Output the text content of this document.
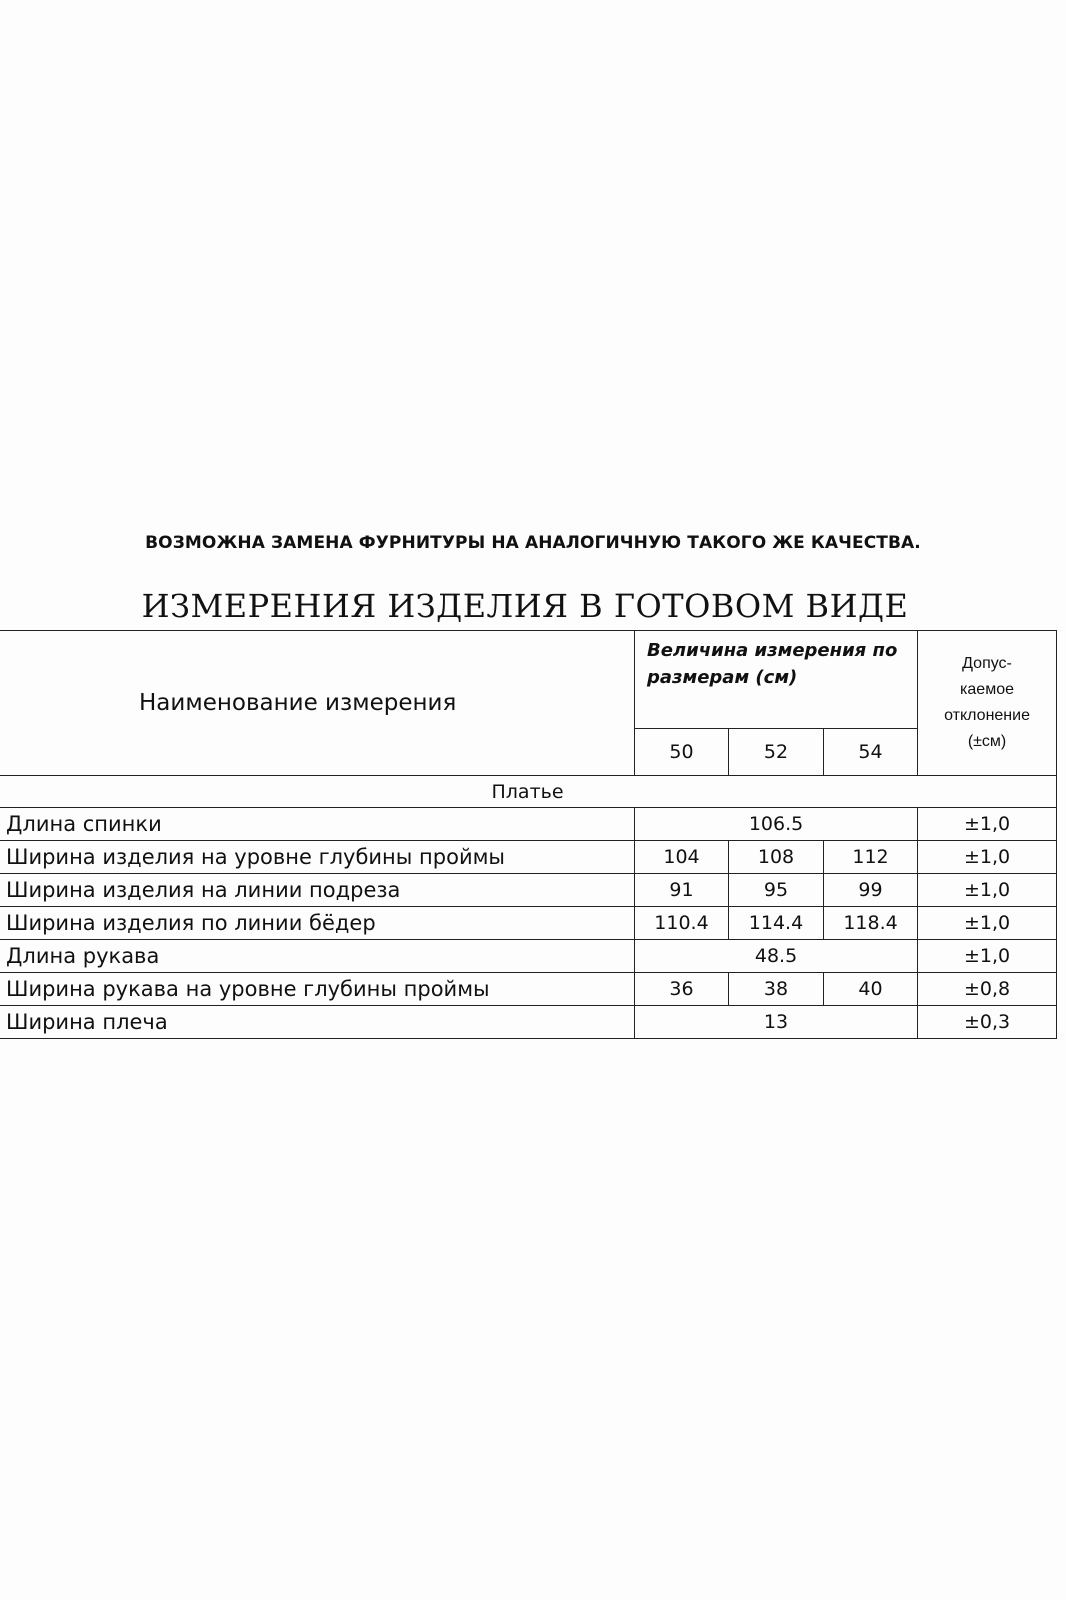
ВОЗМОЖНА ЗАМЕНА ФУРНИТУРЫ НА АНАЛОГИЧНУЮ ТАКОГО ЖЕ КАЧЕСТВА.

ИЗМЕРЕНИЯ ИЗДЕЛИЯ В ГОТОВОМ ВИДЕ
Наименование измерения	Величина измерения по размерам (см)			Допус-
каемое
отклонение
(±см)
	50	52	54	
Платье				
Длина спинки	106.5			±1,0
Ширина изделия на уровне глубины проймы	104	108	112	±1,0
Ширина изделия на линии подреза	91	95	99	±1,0
Ширина изделия по линии бёдер	110.4	114.4	118.4	±1,0
Длина рукава	48.5			±1,0
Ширина рукава на уровне глубины проймы	36	38	40	±0,8
Ширина плеча	13			±0,3
